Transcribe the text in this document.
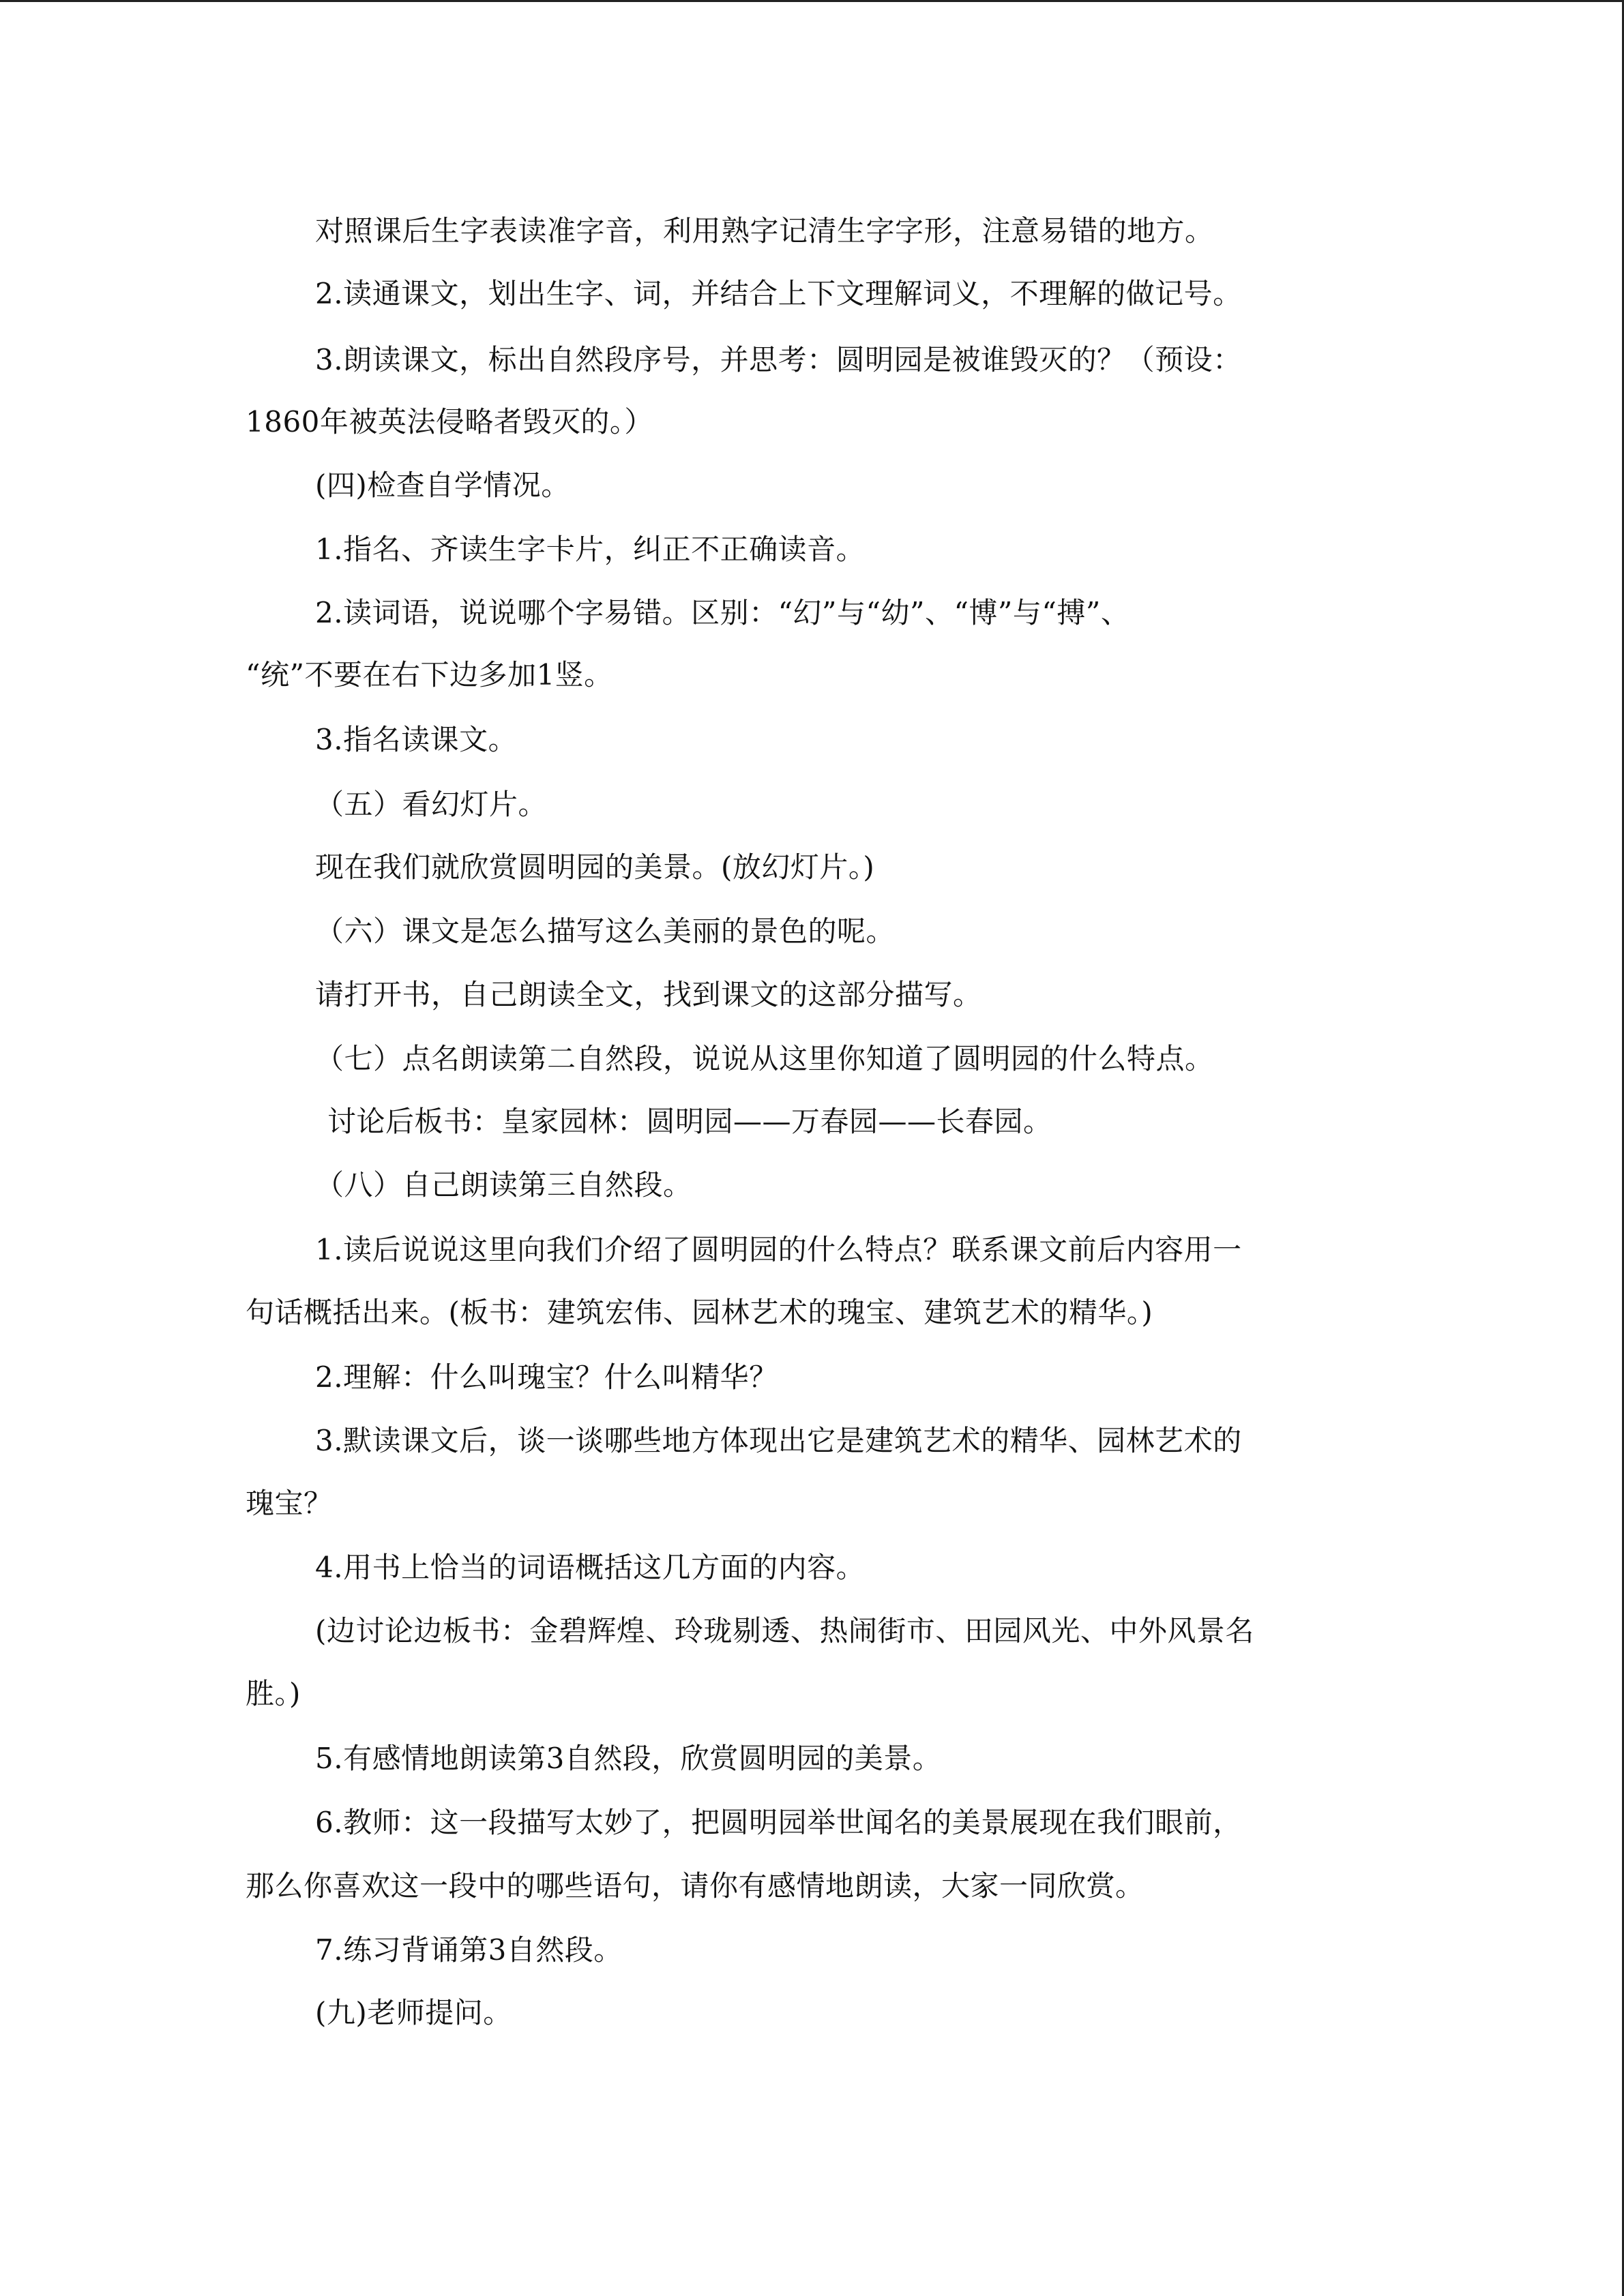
对照课后生字表读准字音，利用熟字记清生字字形，注意易错的地方。
2.读通课文，划出生字、词，并结合上下文理解词义，不理解的做记号。
3.朗读课文，标出自然段序号，并思考：圆明园是被谁毁灭的？（预设：
1860年被英法侵略者毁灭的。）
(四)检查自学情况。
1.指名、齐读生字卡片，纠正不正确读音。
2.读词语，说说哪个字易错。区别：“幻”与“幼”、“博”与“搏”、
“统”不要在右下边多加1竖。
3.指名读课文。
（五）看幻灯片。
现在我们就欣赏圆明园的美景。(放幻灯片。)
（六）课文是怎么描写这么美丽的景色的呢。
请打开书，自己朗读全文，找到课文的这部分描写。
（七）点名朗读第二自然段，说说从这里你知道了圆明园的什么特点。
讨论后板书：皇家园林：圆明园——万春园——长春园。
（八）自己朗读第三自然段。
1.读后说说这里向我们介绍了圆明园的什么特点？联系课文前后内容用一
句话概括出来。(板书：建筑宏伟、园林艺术的瑰宝、建筑艺术的精华。)
2.理解：什么叫瑰宝？什么叫精华？
3.默读课文后，谈一谈哪些地方体现出它是建筑艺术的精华、园林艺术的
瑰宝？
4.用书上恰当的词语概括这几方面的内容。
(边讨论边板书：金碧辉煌、玲珑剔透、热闹街市、田园风光、中外风景名
胜。)
5.有感情地朗读第3自然段，欣赏圆明园的美景。
6.教师：这一段描写太妙了，把圆明园举世闻名的美景展现在我们眼前，
那么你喜欢这一段中的哪些语句，请你有感情地朗读，大家一同欣赏。
7.练习背诵第3自然段。
(九)老师提问。
